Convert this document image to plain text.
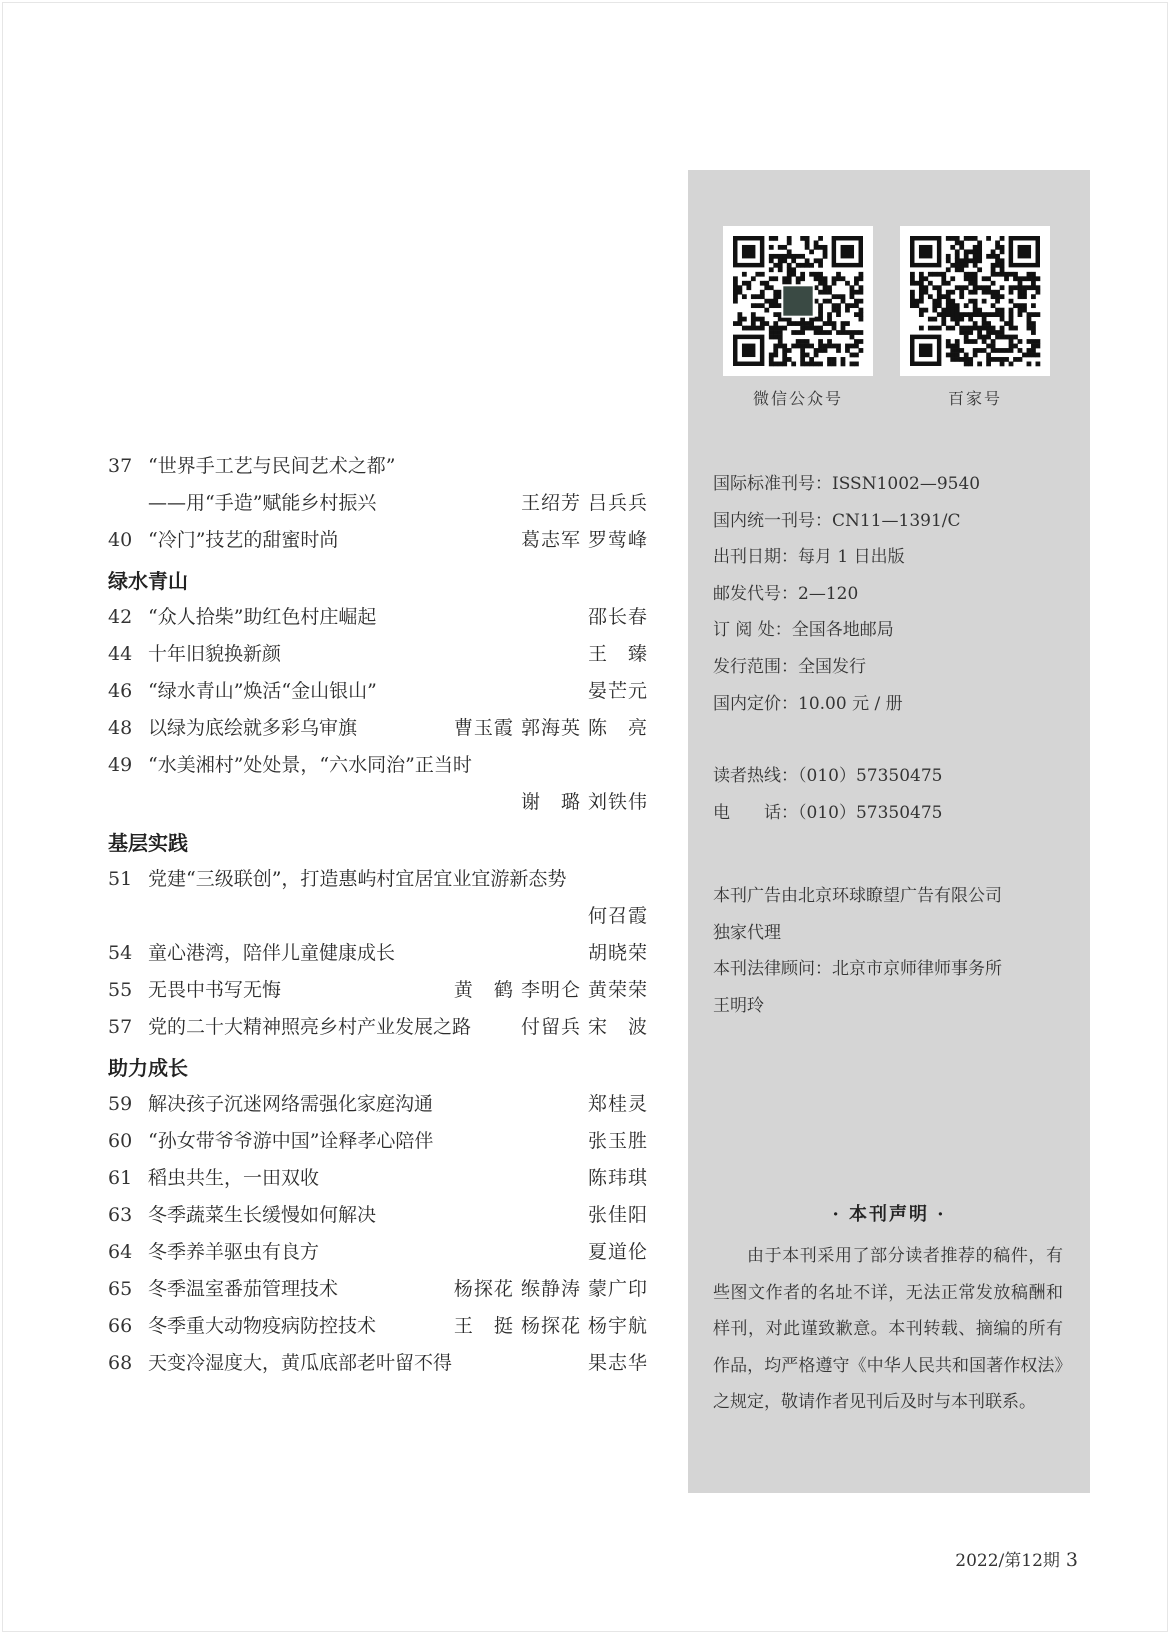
37 “世界手工艺与民间艺术之都”
——用“手造”赋能乡村振兴	王绍芳 吕兵兵
40 “冷门”技艺的甜蜜时尚	葛志军 罗莺峰
绿水青山
42 “众人拾柴”助红色村庄崛起	邵长春
44 十年旧貌换新颜	王　臻
46 “绿水青山”焕活“金山银山”	晏芒元
48 以绿为底绘就多彩乌审旗	曹玉霞 郭海英 陈　亮
49 “水美湘村”处处景，“六水同治”正当时
谢　璐 刘铁伟
基层实践
51 党建“三级联创”，打造惠屿村宜居宜业宜游新态势
何召霞
54 童心港湾，陪伴儿童健康成长	胡晓荣
55 无畏中书写无悔	黄　鹤 李明仑 黄荣荣
57 党的二十大精神照亮乡村产业发展之路	付留兵 宋　波
助力成长
59 解决孩子沉迷网络需强化家庭沟通	郑桂灵
60 “孙女带爷爷游中国”诠释孝心陪伴	张玉胜
61 稻虫共生，一田双收	陈玮琪
63 冬季蔬菜生长缓慢如何解决	张佳阳
64 冬季养羊驱虫有良方	夏道伦
65 冬季温室番茄管理技术	杨探花 缑静涛 蒙广印
66 冬季重大动物疫病防控技术	王　挺 杨探花 杨宇航
68 天变冷湿度大，黄瓜底部老叶留不得	果志华
微信公众号	百家号
国际标准刊号：ISSN1002—9540
国内统一刊号：CN11—1391/C
出刊日期：每月 1 日出版
邮发代号：2—120
订 阅 处：全国各地邮局
发行范围：全国发行
国内定价：10.00 元 / 册
读者热线：（010）57350475
电　　话：（010）57350475
本刊广告由北京环球瞭望广告有限公司
独家代理
本刊法律顾问：北京市京师律师事务所
王明玲
· 本刊声明 ·
由于本刊采用了部分读者推荐的稿件，有些图文作者的名址不详，无法正常发放稿酬和样刊，对此谨致歉意。本刊转载、摘编的所有作品，均严格遵守《中华人民共和国著作权法》之规定，敬请作者见刊后及时与本刊联系。
2022/第12期 3
